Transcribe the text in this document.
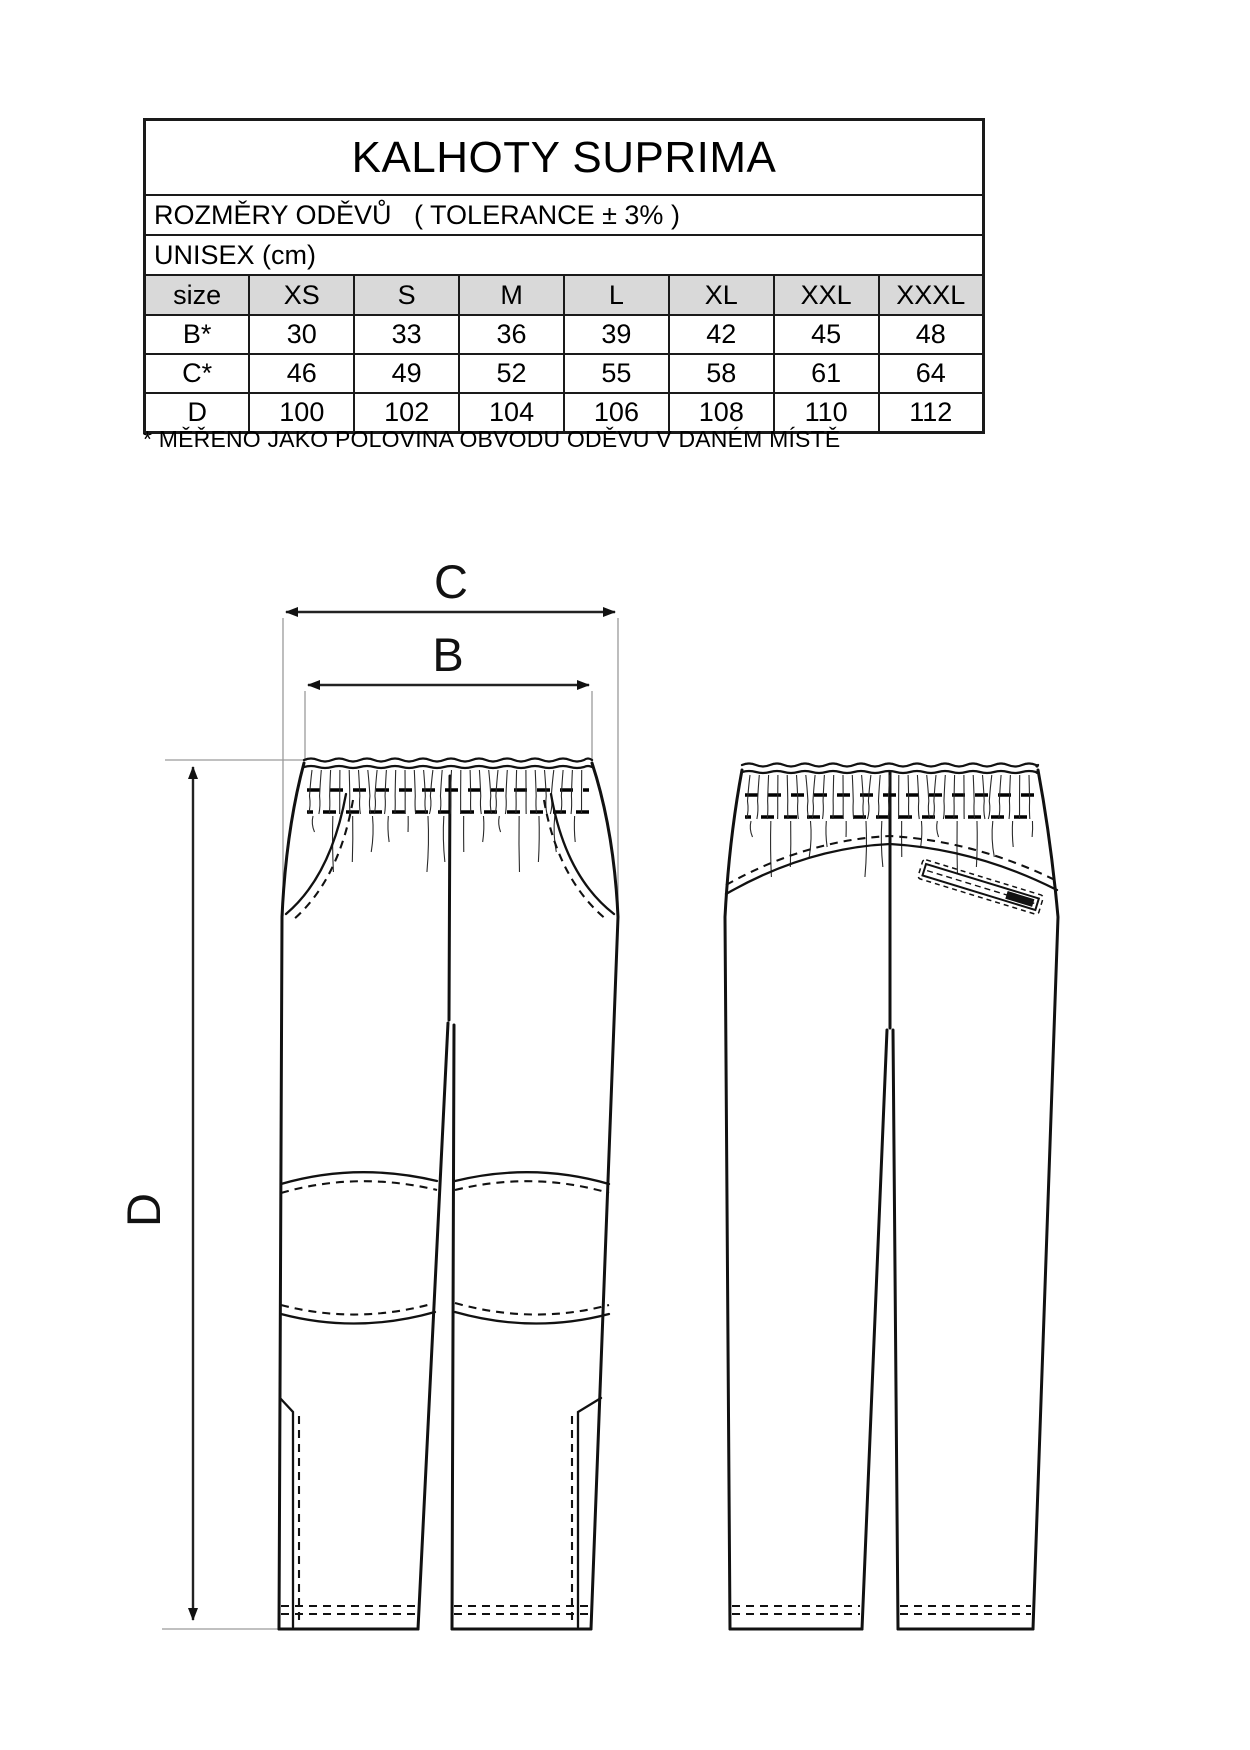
KALHOTY SUPRIMA							
ROZMĚRY ODĚVŮ   ( TOLERANCE ± 3% )							
UNISEX (cm)							
size	XS	S	M	L	XL	XXL	XXXL
B*	30	33	36	39	42	45	48
C*	46	49	52	55	58	61	64
D	100	102	104	106	108	110	112
* MĚŘENO JAKO POLOVINA OBVODU ODĚVU V DANÉM MÍSTĚ
C
B
D
